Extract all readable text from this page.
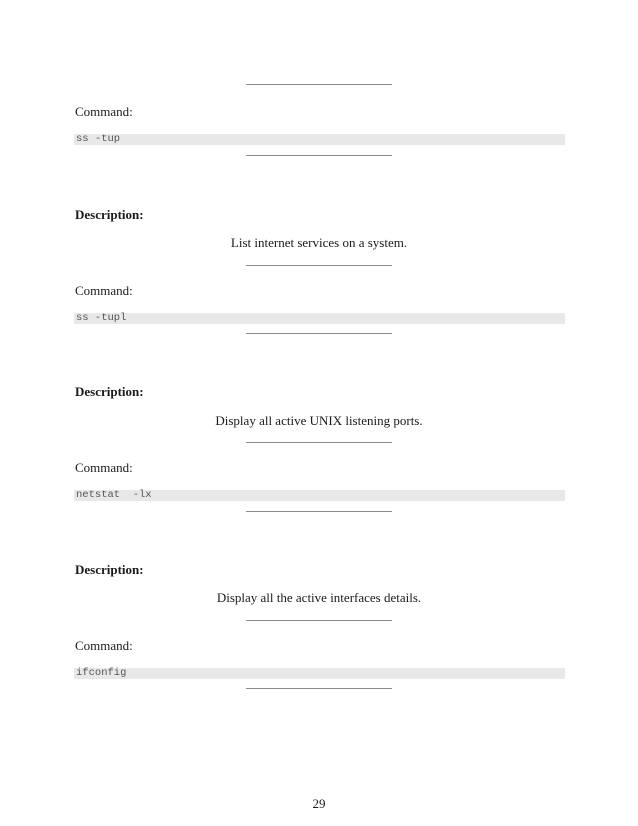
Command:
ss -tup
Description:
List internet services on a system.
Command:
ss -tupl
Description:
Display all active UNIX listening ports.
Command:
netstat  -lx
Description:
Display all the active interfaces details.
Command:
ifconfig
29
